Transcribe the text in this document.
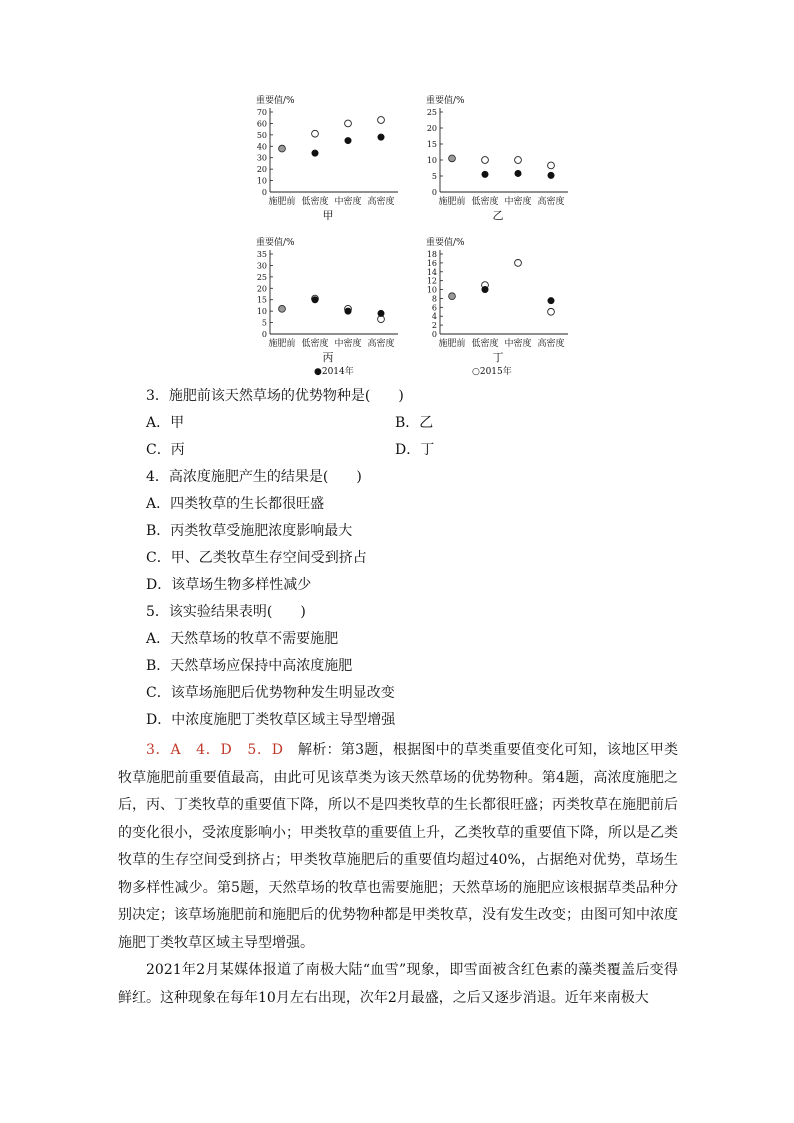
重要值/%
0
10
20
30
40
50
60
70
施肥前 低密度 中密度 高密度
甲
重要值/%
0
5
10
15
20
25
施肥前 低密度 中密度 高密度
乙
重要值/%
0
5
10
15
20
25
30
35
施肥前 低密度 中密度 高密度
丙
重要值/%
0
2
4
6
8
10
12
14
16
18
施肥前 低密度 中密度 高密度
丁
●2014年	○2015年
3．施肥前该天然草场的优势物种是(　　)
A．甲	B．乙
C．丙	D．丁
4．高浓度施肥产生的结果是(　　)
A．四类牧草的生长都很旺盛
B．丙类牧草受施肥浓度影响最大
C．甲、乙类牧草生存空间受到挤占
D．该草场生物多样性减少
5．该实验结果表明(　　)
A．天然草场的牧草不需要施肥
B．天然草场应保持中高浓度施肥
C．该草场施肥后优势物种发生明显改变
D．中浓度施肥丁类牧草区域主导型增强
3．A　4．D　5．D　 解析：第3题，根据图中的草类重要值变化可知，该地区甲类牧草施肥前重要值最高，由此可见该草类为该天然草场的优势物种。第4题，高浓度施肥之后，丙、丁类牧草的重要值下降，所以不是四类牧草的生长都很旺盛；丙类牧草在施肥前后的变化很小，受浓度影响小；甲类牧草的重要值上升，乙类牧草的重要值下降，所以是乙类牧草的生存空间受到挤占；甲类牧草施肥后的重要值均超过40%，占据绝对优势，草场生物多样性减少。第5题，天然草场的牧草也需要施肥；天然草场的施肥应该根据草类品种分别决定；该草场施肥前和施肥后的优势物种都是甲类牧草，没有发生改变；由图可知中浓度施肥丁类牧草区域主导型增强。
2021年2月某媒体报道了南极大陆“血雪”现象，即雪面被含红色素的藻类覆盖后变得鲜红。这种现象在每年10月左右出现，次年2月最盛，之后又逐步消退。近年来南极大
